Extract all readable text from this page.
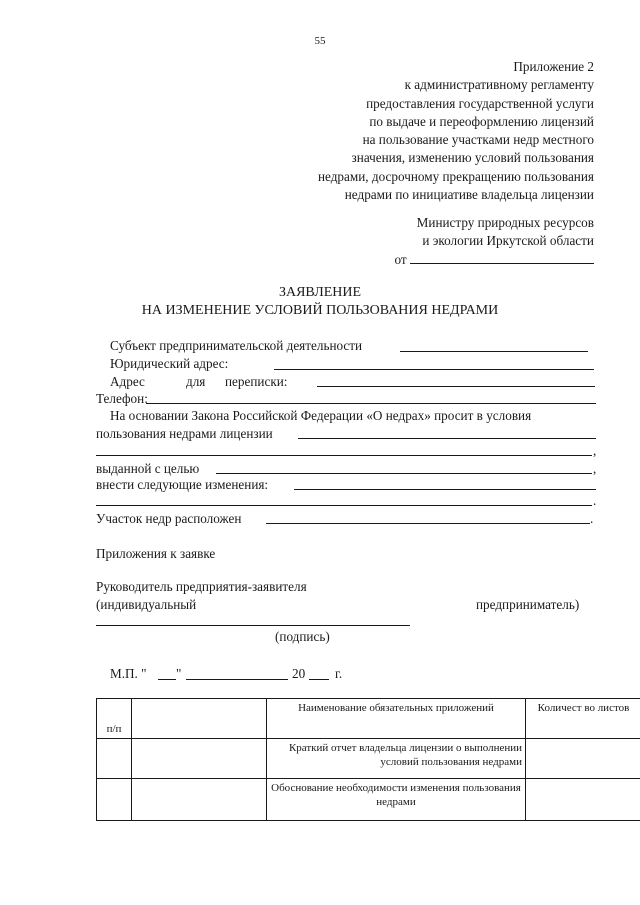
55
Приложение 2
к административному регламенту
предоставления государственной услуги
по выдаче и переоформлению лицензий
на пользование участками недр местного
значения, изменению условий пользования
недрами, досрочному прекращению пользования
недрами по инициативе владельца лицензии
Министру природных ресурсов
и экологии Иркутской области
от
ЗАЯВЛЕНИЕ
НА ИЗМЕНЕНИЕ УСЛОВИЙ ПОЛЬЗОВАНИЯ НЕДРАМИ
Субъект предпринимательской деятельности
Юридический адрес:
Адрес	для переписки:
Телефон:
На основании Закона Российской Федерации «О недрах» просит в условия
пользования недрами лицензии
,
выданной с целью	,
внести следующие изменения:
.
Участок недр расположен	.
Приложения к заявке
Руководитель предприятия-заявителя
(индивидуальный	предприниматель)
(подпись)
М.П. " "	20 г.
п/п		Наименование обязательных приложений	Количест во листов
		Краткий отчет владельца лицензии о выполнении условий пользования недрами	
		Обоснование необходимости изменения пользования недрами	
